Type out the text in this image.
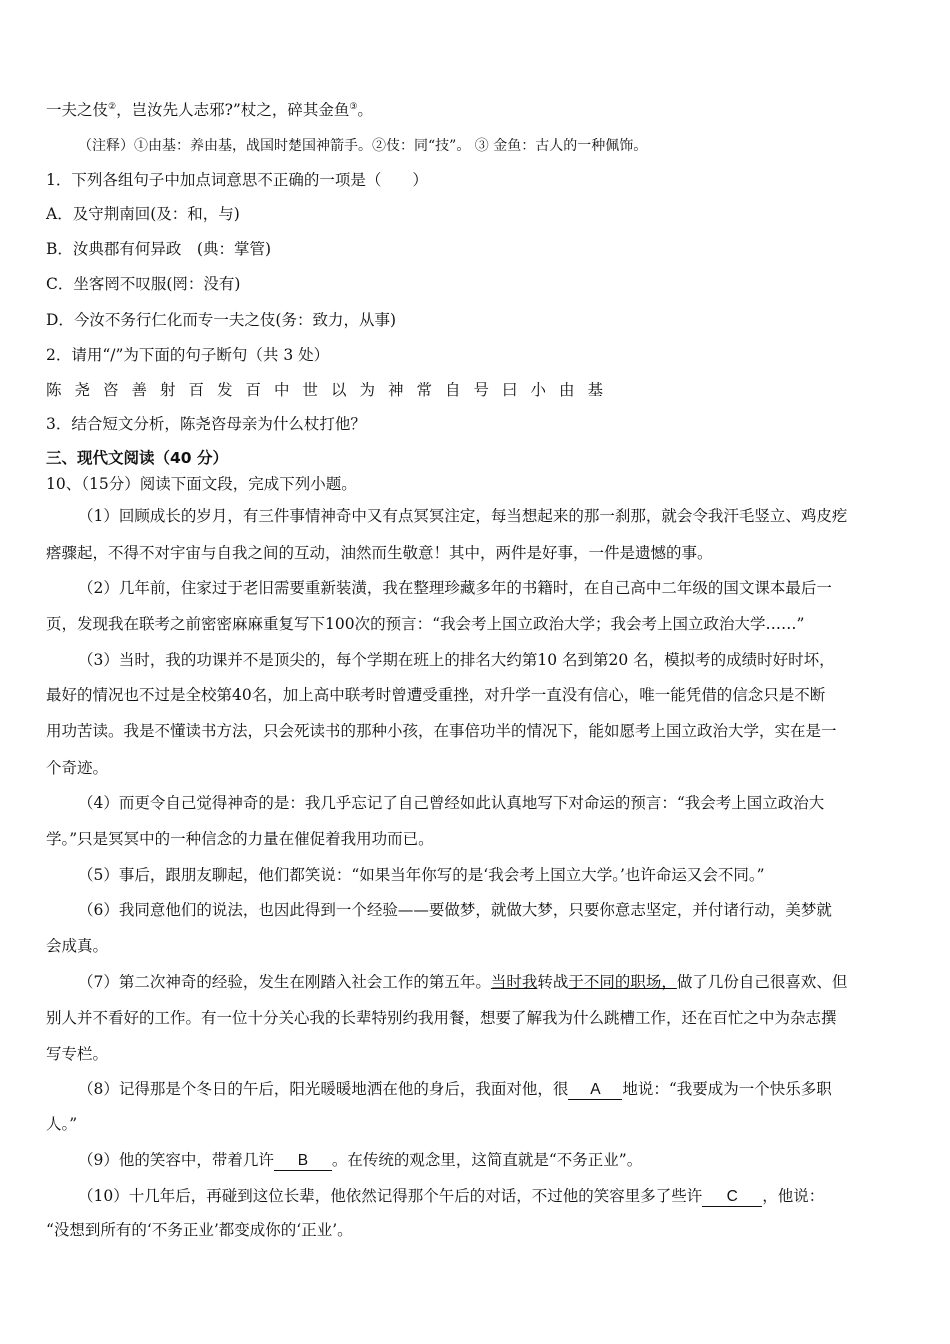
一夫之伎②，岂汝先人志邪?”杖之，碎其金鱼③。
（注释）①由基：养由基，战国时楚国神箭手。②伎：同“技”。 ③ 金鱼：古人的一种佩饰。
1．下列各组句子中加点词意思不正确的一项是（　　）
A．及守荆南回(及：和，与)
B．汝典郡有何异政　(典：掌管)
C．坐客罔不叹服(罔：没有)
D．今汝不务行仁化而专一夫之伎(务：致力，从事)
2．请用“/”为下面的句子断句（共 3 处）
陈尧咨善射百发百中世以为神常自号曰小由基
3．结合短文分析，陈尧咨母亲为什么杖打他？
三、现代文阅读（40 分）
10、（15分）阅读下面文段，完成下列小题。
（1）回顾成长的岁月，有三件事情神奇中又有点冥冥注定，每当想起来的那一刹那，就会令我汗毛竖立、鸡皮疙
瘩骤起，不得不对宇宙与自我之间的互动，油然而生敬意！其中，两件是好事，一件是遗憾的事。
（2）几年前，住家过于老旧需要重新装潢，我在整理珍藏多年的书籍时，在自己高中二年级的国文课本最后一
页，发现我在联考之前密密麻麻重复写下100次的预言：“我会考上国立政治大学；我会考上国立政治大学……”
（3）当时，我的功课并不是顶尖的，每个学期在班上的排名大约第10 名到第20 名，模拟考的成绩时好时坏，
最好的情况也不过是全校第40名，加上高中联考时曾遭受重挫，对升学一直没有信心，唯一能凭借的信念只是不断
用功苦读。我是不懂读书方法，只会死读书的那种小孩，在事倍功半的情况下，能如愿考上国立政治大学，实在是一
个奇迹。
（4）而更令自己觉得神奇的是：我几乎忘记了自己曾经如此认真地写下对命运的预言：“我会考上国立政治大
学。”只是冥冥中的一种信念的力量在催促着我用功而已。
（5）事后，跟朋友聊起，他们都笑说：“如果当年你写的是‘我会考上国立大学。’也许命运又会不同。”
（6）我同意他们的说法，也因此得到一个经验——要做梦，就做大梦，只要你意志坚定，并付诸行动，美梦就
会成真。
（7）第二次神奇的经验，发生在刚踏入社会工作的第五年。当时我转战于不同的职场，做了几份自己很喜欢、但
别人并不看好的工作。有一位十分关心我的长辈特别约我用餐，想要了解我为什么跳槽工作，还在百忙之中为杂志撰
写专栏。
（8）记得那是个冬日的午后，阳光暖暖地洒在他的身后，我面对他，很 A 地说：“我要成为一个快乐多职
人。”
（9）他的笑容中，带着几许 B 。在传统的观念里，这简直就是“不务正业”。
（10）十几年后，再碰到这位长辈，他依然记得那个午后的对话，不过他的笑容里多了些许 C ，他说：
“没想到所有的‘不务正业’都变成你的‘正业’。
